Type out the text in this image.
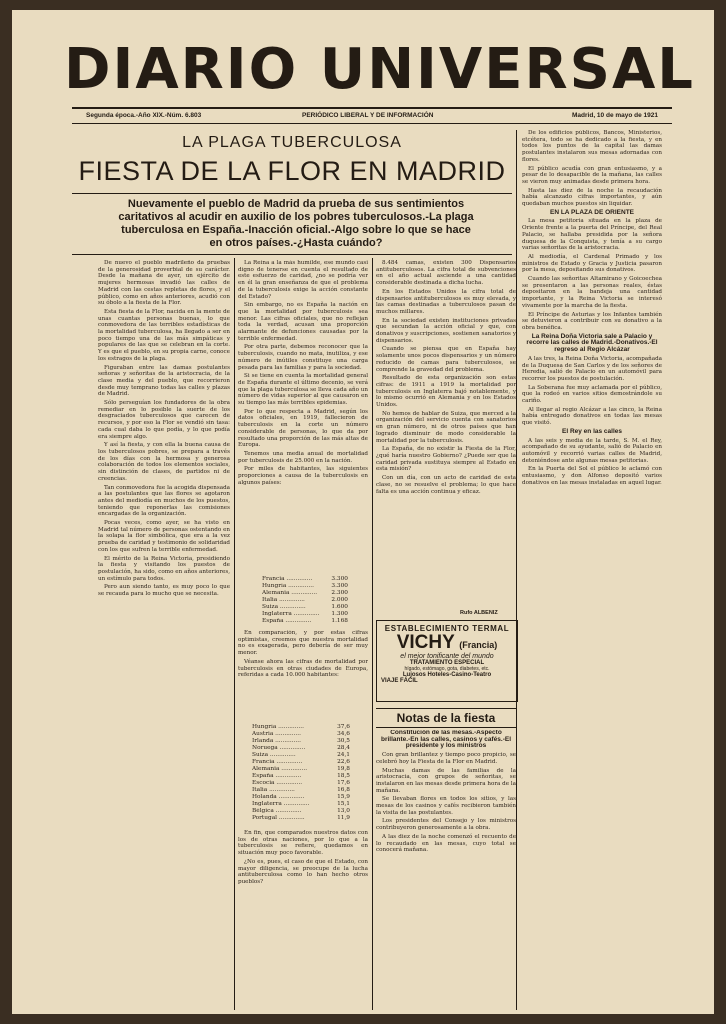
DIARIO UNIVERSAL
Segunda época.-Año XIX.-Núm. 6.803	PERIÓDICO LIBERAL Y DE INFORMACIÓN	Madrid, 10 de mayo de 1921
LA PLAGA TUBERCULOSA
FIESTA DE LA FLOR EN MADRID
Nuevamente el pueblo de Madrid da prueba de sus sentimientos caritativos al acudir en auxilio de los pobres tuberculosos.-La plaga tuberculosa en España.-Inacción oficial.-Algo sobre lo que se hace en otros países.-¿Hasta cuándo?

De nuevo el pueblo madrileño da pruebas de la generosidad proverbial de su carácter. Desde la mañana de ayer, un ejército de mujeres hermosas invadió las calles de Madrid con las cestas repletas de flores, y el público, como en años anteriores, acudió con su óbolo a la fiesta de la Flor.

Esta fiesta de la Flor, nacida en la mente de unas cuantas personas buenas, lo que conmovedora de las terribles estadísticas de la mortalidad tuberculosa, ha llegado a ser en poco tiempo una de las más simpáticas y populares de las que se celebran en la corte. Y es que el pueblo, en su propia carne, conoce los estragos de la plaga.

Figuraban entre las damas postulantes señoras y señoritas de la aristocracia, de la clase media y del pueblo, que recorrieron desde muy temprano todas las calles y plazas de Madrid.

Sólo perseguían los fundadores de la obra remediar en lo posible la suerte de los desgraciados tuberculosos que carecen de recursos, y por eso la Flor se vendió sin tasa: cada cual daba lo que podía, y lo que podía era siempre algo.

Y así la fiesta, y con ella la buena causa de los tuberculosos pobres, se prepara a través de los días con la hermosa y generosa colaboración de todos los elementos sociales, sin distinción de clases, de partidos ni de creencias.

Tan conmovedora fue la acogida dispensada a las postulantes que las flores se agotaron antes del mediodía en muchos de los puestos, teniendo que reponerlas las comisiones encargadas de la organización.

Pocas veces, como ayer, se ha visto en Madrid tal número de personas ostentando en la solapa la flor simbólica, que era a la vez prueba de caridad y testimonio de solidaridad con los que sufren la terrible enfermedad.

El mérito de la Reina Victoria, presidiendo la fiesta y visitando los puestos de postulación, ha sido, como en años anteriores, un estímulo para todos.

Pero aun siendo tanto, es muy poco lo que se recauda para lo mucho que se necesita.

La Reina a la más humilde, ese mundo casi digno de tenerse en cuenta el resultado de este esfuerzo de caridad, ¿no se podría ver en él la gran enseñanza de que el problema de la tuberculosis exige la acción constante del Estado?

Sin embargo, no es España la nación en que la mortalidad por tuberculosis sea menor. Las cifras oficiales, que no reflejan toda la verdad, acusan una proporción alarmante de defunciones causadas por la terrible enfermedad.

Por otra parte, debemos reconocer que la tuberculosis, cuando no mata, inutiliza, y ese número de inútiles constituye una carga pesada para las familias y para la sociedad.

Si se tiene en cuenta la mortalidad general de España durante el último decenio, se verá que la plaga tuberculosa se lleva cada año un número de vidas superior al que causaron en su tiempo las más terribles epidemias.

Por lo que respecta a Madrid, según los datos oficiales, en 1919, fallecieron de tuberculosis en la corte un número considerable de personas, lo que da por resultado una proporción de las más altas de Europa.

Tenemos una media anual de mortalidad por tuberculosis de 25.000 en la nación.

Por miles de habitantes, las siguientes proporciones a causa de la tuberculosis en algunos países:

Francia ..............	3.300
Hungría ..............	3.300
Alemania ..............	2.300
Italia ..............	2.000
Suiza ..............	1.600
Inglaterra ..............	1.300
España ..............	1.168

En comparación, y por estas cifras optimistas, creemos que nuestra mortalidad no es exagerada, pero debería de ser muy menor.

Véanse ahora las cifras de mortalidad por tuberculosis en otras ciudades de Europa, referidas a cada 10.000 habitantes:

Hungría ..............	37,6
Austria ..............	34,6
Irlanda ..............	30,5
Noruega ..............	28,4
Suiza ..............	24,1
Francia ..............	22,6
Alemania ..............	19,8
España ..............	18,5
Escocia ..............	17,6
Italia ..............	16,8
Holanda ..............	15,9
Inglaterra ..............	15,1
Bélgica ..............	13,0
Portugal ..............	11,9

En fin, que comparados nuestros datos con los de otras naciones, por lo que a la tuberculosis se refiere, quedamos en situación muy poco favorable.

¿No es, pues, el caso de que el Estado, con mayor diligencia, se preocupe de la lucha antituberculosa como lo han hecho otros pueblos?

8.484 camas, existen 300 Dispensarios antituberculosos. La cifra total de subvenciones en el año actual asciende a una cantidad considerable destinada a dicha lucha.

En los Estados Unidos la cifra total de dispensarios antituberculosos es muy elevada, y las camas destinadas a tuberculosos pasan de muchos millares.

En la sociedad existen instituciones privadas que secundan la acción oficial y que, con donativos y suscripciones, sostienen sanatorios y dispensarios.

Cuando se piensa que en España hay solamente unos pocos dispensarios y un número reducido de camas para tuberculosos, se comprende la gravedad del problema.

Resultado de esta organización son estas cifras: de 1911 a 1919 la mortalidad por tuberculosis en Inglaterra bajó notablemente, y lo mismo ocurrió en Alemania y en los Estados Unidos.

No hemos de hablar de Suiza, que merced a la organización del servicio cuenta con sanatorios en gran número, ni de otros países que han logrado disminuir de modo considerable la mortalidad por la tuberculosis.

La España, de no existir la Fiesta de la Flor, ¿qué haría nuestro Gobierno? ¿Puede ser que la caridad privada sustituya siempre al Estado en esta misión?

Con un día, con un acto de caridad de esta clase, no se resuelve el problema; lo que hace falta es una acción continua y eficaz.

Rufo ALBENIZ
ESTABLECIMIENTO TERMAL
VICHY (Francia)
el mejor tonificante del mundo
TRATAMIENTO ESPECIAL
hígado, estómago, gota, diabetes, etc.
Lujosos Hoteles-Casino-Teatro
VIAJE FÁCIL
Notas de la fiesta

Constitución de las mesas.-Aspecto brillante.-En las calles, casinos y cafés.-El presidente y los ministros

Con gran brillantez y tiempo poco propicio, se celebró hoy la Fiesta de la Flor en Madrid.

Muchas damas de las familias de la aristocracia, con grupos de señoritas, se instalaron en las mesas desde primera hora de la mañana.

Se llevaban flores en todos los sitios, y las mesas de los casinos y cafés recibieron también la visita de las postulantes.

Los presidentes del Consejo y los ministros contribuyeron generosamente a la obra.

A las diez de la noche comenzó el recuento de lo recaudado en las mesas, cuyo total se conocerá mañana.

De los edificios públicos, Bancos, Ministerios, etcétera, todo se ha dedicado a la fiesta, y en todos los puntos de la capital las damas postulantes instalaron sus mesas adornadas con flores.

El público acudía con gran entusiasmo, y a pesar de lo desapacible de la mañana, las calles se vieron muy animadas desde primera hora.

Hasta las diez de la noche la recaudación había alcanzado cifras importantes, y aún quedaban muchos puestos sin liquidar.

EN LA PLAZA DE ORIENTE

La mesa petitoria situada en la plaza de Oriente frente a la puerta del Príncipe, del Real Palacio, se hallaba presidida por la señora duquesa de la Conquista, y tenía a su cargo varias señoritas de la aristocracia.

Al mediodía, el Cardenal Primado y los ministros de Estado y Gracia y Justicia pasaron por la mesa, depositando sus donativos.

Cuando las señoritas Altamirano y Goicoechea se presentaron a las personas reales, éstas depositaron en la bandeja una cantidad importante, y la Reina Victoria se interesó vivamente por la marcha de la fiesta.

El Príncipe de Asturias y los Infantes también se detuvieron a contribuir con su donativo a la obra benéfica.

La Reina Doña Victoria sale a Palacio y recorre las calles de Madrid.-Donativos.-El regreso al Regio Alcázar

A las tres, la Reina Doña Victoria, acompañada de la Duquesa de San Carlos y de los señores de Heredia, salió de Palacio en un automóvil para recorrer los puestos de postulación.

La Soberana fue muy aclamada por el público, que la rodeó en varios sitios demostrándole su cariño.

Al llegar al regio Alcázar a las cinco, la Reina había entregado donativos en todas las mesas que visitó.

El Rey en las calles

A las seis y media de la tarde, S. M. el Rey, acompañado de su ayudante, salió de Palacio en automóvil y recorrió varias calles de Madrid, deteniéndose ante algunas mesas petitorias.

En la Puerta del Sol el público le aclamó con entusiasmo, y don Alfonso depositó varios donativos en las mesas instaladas en aquel lugar.
